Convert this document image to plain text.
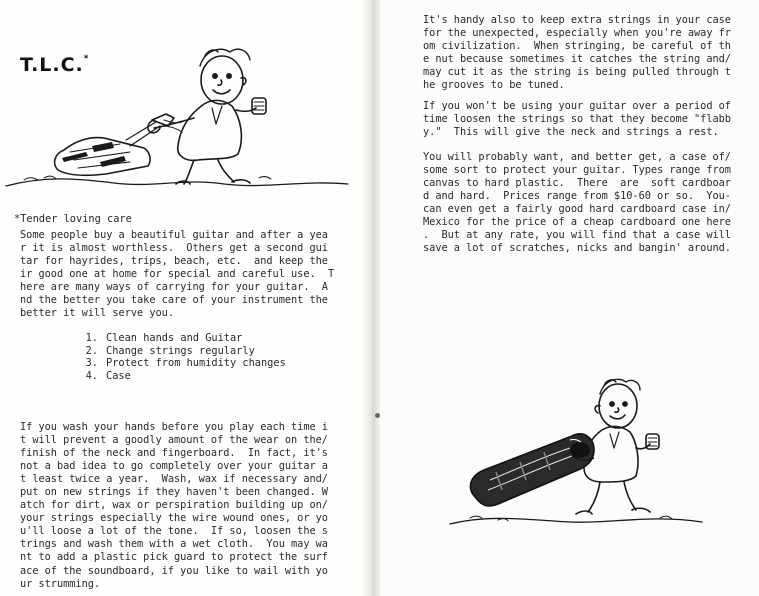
T.L.C.*
*Tender loving care
Some people buy a beautiful guitar and after a yea
r it is almost worthless.  Others get a second gui
tar for hayrides, trips, beach, etc.  and keep the
ir good one at home for special and careful use.  T
here are many ways of carrying for your guitar.  A
nd the better you take care of your instrument the
better it will serve you.
1. Clean hands and Guitar
2. Change strings regularly
3. Protect from humidity changes
4. Case
If you wash your hands before you play each time i
t will prevent a goodly amount of the wear on the/
finish of the neck and fingerboard.  In fact, it's
not a bad idea to go completely over your guitar a
t least twice a year.  Wash, wax if necessary and/
put on new strings if they haven't been changed. W
atch for dirt, wax or perspiration building up on/
your strings especially the wire wound ones, or yo
u'll loose a lot of the tone.  If so, loosen the s
trings and wash them with a wet cloth.  You may wa
nt to add a plastic pick guard to protect the surf
ace of the soundboard, if you like to wail with yo
ur strumming.
It's handy also to keep extra strings in your case
for the unexpected, especially when you're away fr
om civilization.  When stringing, be careful of th
e nut because sometimes it catches the string and/
may cut it as the string is being pulled through t
he grooves to be tuned.
If you won't be using your guitar over a period of
time loosen the strings so that they become "flabb
y."  This will give the neck and strings a rest.
You will probably want, and better get, a case of/
some sort to protect your guitar. Types range from
canvas to hard plastic.  There  are  soft cardboar
d and hard.  Prices range from $10-60 or so.  You-
can even get a fairly good hard cardboard case in/
Mexico for the price of a cheap cardboard one here
.  But at any rate, you will find that a case will
save a lot of scratches, nicks and bangin' around.
